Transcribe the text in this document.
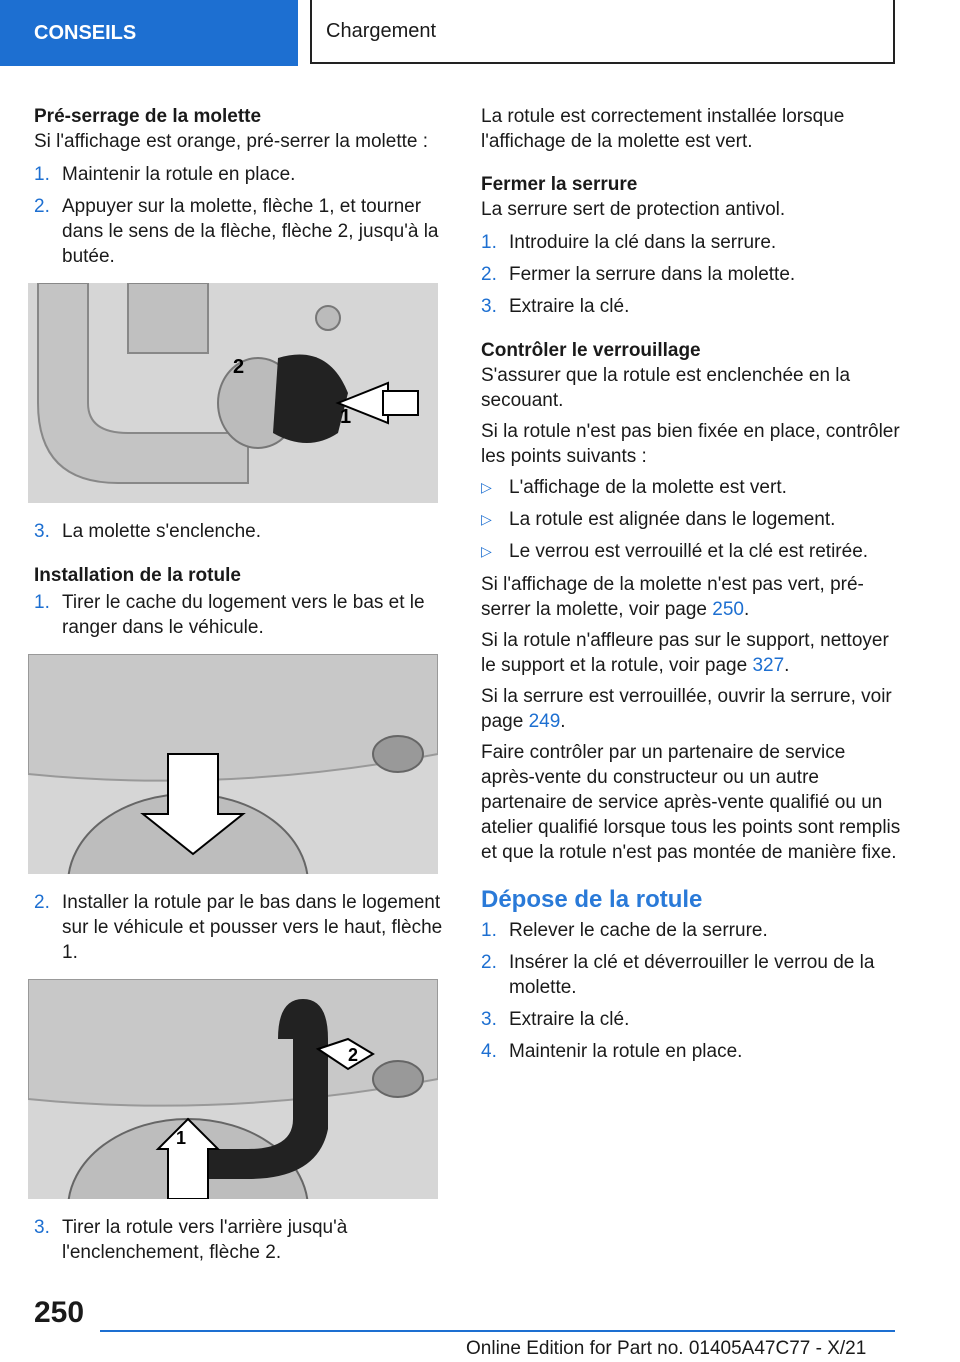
CONSEILS	Chargement

Pré-serrage de la molette

Si l'affichage est orange, pré-serrer la molette :

1. Maintenir la rotule en place.
2. Appuyer sur la molette, flèche 1, et tourner dans le sens de la flèche, flèche 2, jusqu'à la butée.
1
2
3. La molette s'enclenche.

Installation de la rotule

1. Tirer le cache du logement vers le bas et le ranger dans le véhicule.
2. Installer la rotule par le bas dans le logement sur le véhicule et pousser vers le haut, flèche 1.
1
2
3. Tirer la rotule vers l'arrière jusqu'à l'enclenchement, flèche 2.

La rotule est correctement installée lorsque l'affichage de la molette est vert.

Fermer la serrure

La serrure sert de protection antivol.

1. Introduire la clé dans la serrure.
2. Fermer la serrure dans la molette.
3. Extraire la clé.

Contrôler le verrouillage

S'assurer que la rotule est enclenchée en la secouant.

Si la rotule n'est pas bien fixée en place, contrôler les points suivants :

▷ L'affichage de la molette est vert.
▷ La rotule est alignée dans le logement.
▷ Le verrou est verrouillé et la clé est retirée.

Si l'affichage de la molette n'est pas vert, pré-serrer la molette, voir page 250.

Si la rotule n'affleure pas sur le support, nettoyer le support et la rotule, voir page 327.

Si la serrure est verrouillée, ouvrir la serrure, voir page 249.

Faire contrôler par un partenaire de service après-vente du constructeur ou un autre partenaire de service après-vente qualifié ou un atelier qualifié lorsque tous les points sont remplis et que la rotule n'est pas montée de manière fixe.

Dépose de la rotule

1. Relever le cache de la serrure.
2. Insérer la clé et déverrouiller le verrou de la molette.
3. Extraire la clé.
4. Maintenir la rotule en place.
250
Online Edition for Part no. 01405A47C77 - X/21
